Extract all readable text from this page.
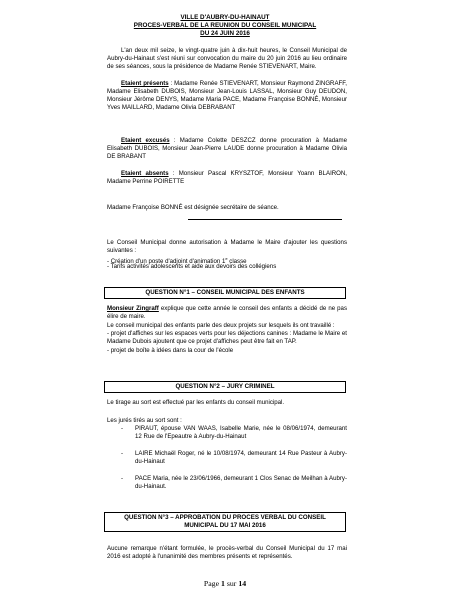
VILLE D'AUBRY-DU-HAINAUT
PROCES-VERBAL DE LA REUNION DU CONSEIL MUNICIPAL
DU 24 JUIN 2016

L'an deux mil seize, le vingt-quatre juin à dix-huit heures, le Conseil Municipal de Aubry-du-Hainaut s'est réuni sur convocation du maire du 20 juin 2016 au lieu ordinaire de ses séances, sous la présidence de Madame Renée STIEVENART, Maire.

Etaient présents : Madame Renée STIEVENART, Monsieur Raymond ZINGRAFF, Madame Elisabeth DUBOIS, Monsieur Jean-Louis LASSAL, Monsieur Guy DEUDON, Monsieur Jérôme DENYS, Madame Maria PACE, Madame Françoise BONNÉ, Monsieur Yves MAILLARD, Madame Olivia DEBRABANT

Etaient excusés : Madame Colette DESZCZ donne procuration à Madame Elisabeth DUBOIS, Monsieur Jean-Pierre LAUDE donne procuration à Madame Olivia DE BRABANT

Etaient absents : Monsieur Pascal KRYSZTOF, Monsieur Yoann BLAIRON, Madame Perrine POIRETTE

Madame Françoise BONNÉ est désignée secrétaire de séance.

Le Conseil Municipal donne autorisation à Madame le Maire d'ajouter les questions suivantes :

- Création d'un poste d'adjoint d'animation 1e classe

- Tarifs activités adolescents et aide aux devoirs des collégiens

QUESTION N°1 – CONSEIL MUNICIPAL DES ENFANTS

Monsieur Zingraff explique que cette année le conseil des enfants a décidé de ne pas élire de maire.

Le conseil municipal des enfants parle des deux projets sur lesquels ils ont travaillé :

- projet d'affiches sur les espaces verts pour les déjections canines : Madame le Maire et Madame Dubois ajoutent que ce projet d'affiches peut être fait en TAP.

- projet de boîte à idées dans la cour de l'école

QUESTION N°2 – JURY CRIMINEL

Le tirage au sort est effectué par les enfants du conseil municipal.

Les jurés tirés au sort sont :

- PIRAUT, épouse VAN WAAS, Isabelle Marie, née le 08/06/1974, demeurant 12 Rue de l'Epeautre à Aubry-du-Hainaut
- LAIRE Michaël Roger, né le 10/08/1974, demeurant 14 Rue Pasteur à Aubry-du-Hainaut
- PACE Maria, née le 23/06/1966, demeurant 1 Clos Senac de Meilhan à Aubry-du-Hainaut.
QUESTION N°3 – APPROBATION DU PROCES VERBAL DU CONSEIL MUNICIPAL DU 17 MAI 2016

Aucune remarque n'étant formulée, le procès-verbal du Conseil Municipal du 17 mai 2016 est adopté à l'unanimité des membres présents et représentés.

Page 1 sur 14
